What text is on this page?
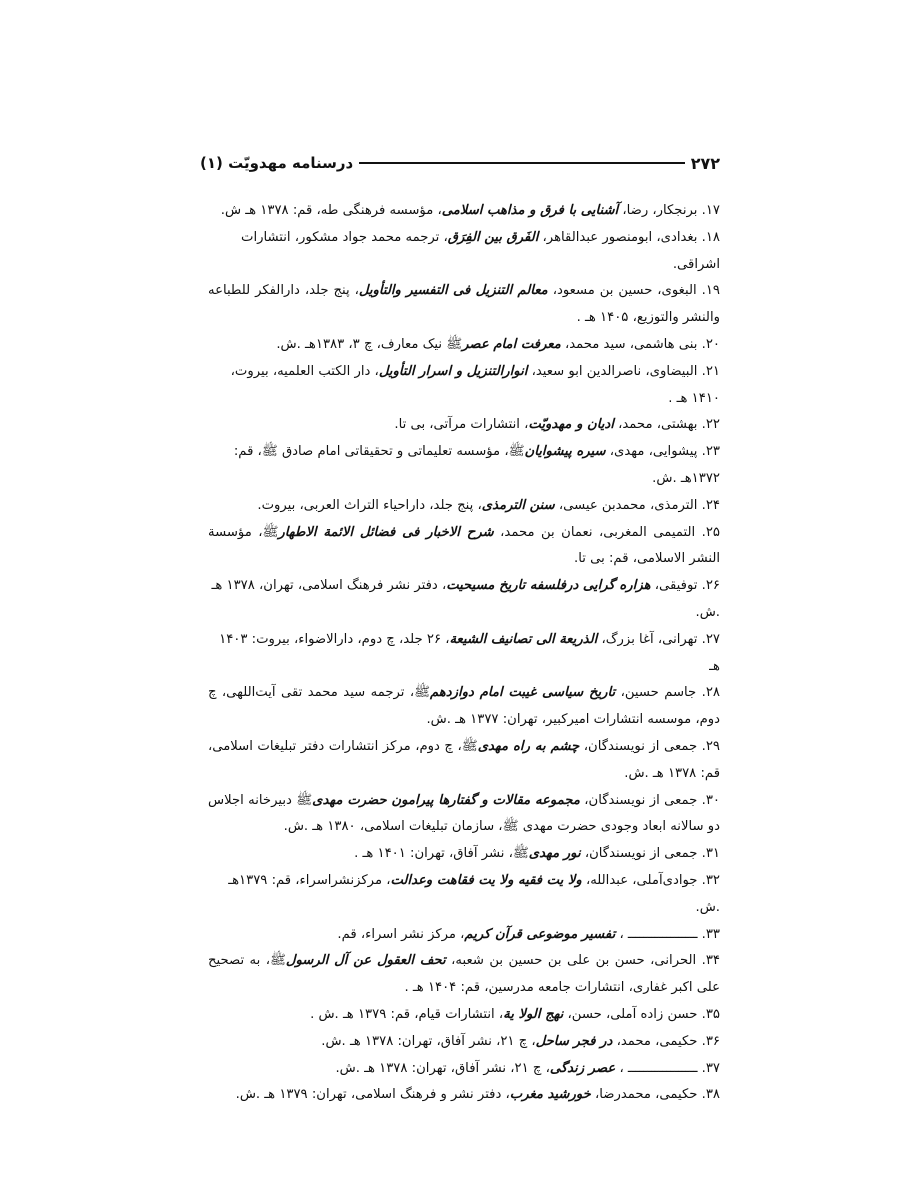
۲۷۲
درسنامه مهدویّت (۱)

۱۷. برنجکار، رضا، آشنایی با فرق و مذاهب اسلامی، مؤسسه فرهنگی طه، قم: ۱۳۷۸ هـ ش.

۱۸. بغدادی، ابومنصور عبدالقاهر، الفَرق بین الفِرَق، ترجمه محمد جواد مشکور، انتشارات اشراقی.

۱۹. البغوی، حسین بن مسعود، معالم التنزیل فی التفسیر والتأویل، پنج جلد، دارالفکر للطباعه والنشر والتوزیع، ۱۴۰۵ هـ .

۲۰. بنی هاشمی، سید محمد، معرفت امام عصرﷺ نیک معارف، چ ۳، ۱۳۸۳هـ .ش.

۲۱. البیضاوی، ناصرالدین ابو سعید، انوارالتنزیل و اسرار التأویل، دار الکتب العلمیه، بیروت، ۱۴۱۰ هـ .

۲۲. بهشتی، محمد، ادیان و مهدویّت، انتشارات مرآتی، بی تا.

۲۳. پیشوایی، مهدی، سیره پیشوایانﷺ، مؤسسه تعلیماتی و تحقیقاتی امام صادق ﷺ، قم: ۱۳۷۲هـ .ش.

۲۴. الترمذی، محمدبن عیسی، سنن الترمذی، پنج جلد، داراحیاء التراث العربی، بیروت.

۲۵. التمیمی المغربی، نعمان بن محمد، شرح الاخبار فی فضائل الائمة الاطهارﷺ، مؤسسة النشر الاسلامی، قم: بی تا.

۲۶. توفیقی، هزاره گرایی درفلسفه تاریخ مسیحیت، دفتر نشر فرهنگ اسلامی، تهران، ۱۳۷۸ هـ .ش.

۲۷. تهرانی، آغا بزرگ، الذریعة الی تصانیف الشیعة، ۲۶ جلد، چ دوم، دارالاضواء، بیروت: ۱۴۰۳ هـ

۲۸. جاسم حسین، تاریخ سیاسی غیبت امام دوازدهمﷺ، ترجمه سید محمد تقی آیت‌اللهی، چ دوم، موسسه انتشارات امیرکبیر، تهران: ۱۳۷۷ هـ .ش.

۲۹. جمعی از نویسندگان، چشم به راه مهدیﷺ، چ دوم، مرکز انتشارات دفتر تبلیغات اسلامی، قم: ۱۳۷۸ هـ .ش.

۳۰. جمعی از نویسندگان، مجموعه مقالات و گفتارها پیرامون حضرت مهدیﷺ دبیرخانه اجلاس دو سالانه ابعاد وجودی حضرت مهدی ﷺ، سازمان تبلیغات اسلامی، ۱۳۸۰ هـ .ش.

۳۱. جمعی از نویسندگان، نور مهدیﷺ، نشر آفاق، تهران: ۱۴۰۱ هـ .

۳۲. جوادی‌آملی، عبدالله، ولا یت فقیه ولا یت فقاهت وعدالت، مرکزنشراسراء، قم: ۱۳۷۹هـ .ش.

۳۳. ــــــــــــــــــ ، تفسیر موضوعی قرآن کریم، مرکز نشر اسراء، قم.

۳۴. الحرانی، حسن بن علی بن حسین بن شعبه، تحف العقول عن آل الرسولﷺ، به تصحیح علی اکبر غفاری، انتشارات جامعه مدرسین، قم: ۱۴۰۴ هـ .

۳۵. حسن زاده آملی، حسن، نهج الولا یة، انتشارات قیام، قم: ۱۳۷۹ هـ .ش .

۳۶. حکیمی، محمد، در فجر ساحل، چ ۲۱، نشر آفاق، تهران: ۱۳۷۸ هـ .ش.

۳۷. ــــــــــــــــــ ، عصر زندگی، چ ۲۱، نشر آفاق، تهران: ۱۳۷۸ هـ .ش.

۳۸. حکیمی، محمدرضا، خورشید مغرب، دفتر نشر و فرهنگ اسلامی، تهران: ۱۳۷۹ هـ .ش.
